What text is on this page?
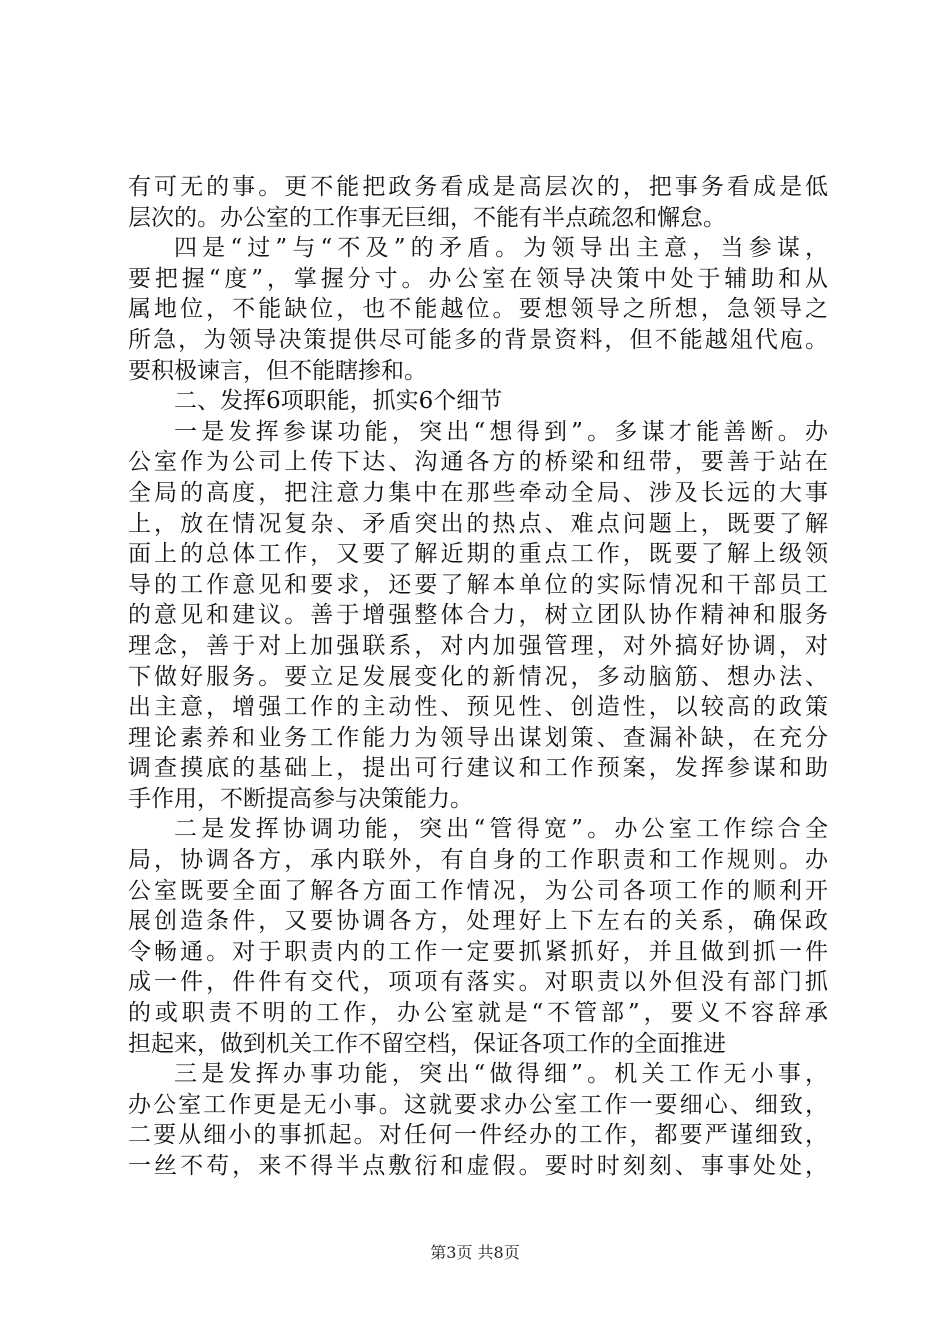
有可无的事。更不能把政务看成是高层次的，把事务看成是低
层次的。办公室的工作事无巨细，不能有半点疏忽和懈怠。
四是“过”与“不及”的矛盾。为领导出主意，当参谋，
要把握“度”，掌握分寸。办公室在领导决策中处于辅助和从
属地位，不能缺位，也不能越位。要想领导之所想，急领导之
所急，为领导决策提供尽可能多的背景资料，但不能越俎代庖。
要积极谏言，但不能瞎掺和。
二、发挥6项职能，抓实6个细节
一是发挥参谋功能，突出“想得到”。多谋才能善断。办
公室作为公司上传下达、沟通各方的桥梁和纽带，要善于站在
全局的高度，把注意力集中在那些牵动全局、涉及长远的大事
上，放在情况复杂、矛盾突出的热点、难点问题上，既要了解
面上的总体工作，又要了解近期的重点工作，既要了解上级领
导的工作意见和要求，还要了解本单位的实际情况和干部员工
的意见和建议。善于增强整体合力，树立团队协作精神和服务
理念，善于对上加强联系，对内加强管理，对外搞好协调，对
下做好服务。要立足发展变化的新情况，多动脑筋、想办法、
出主意，增强工作的主动性、预见性、创造性，以较高的政策
理论素养和业务工作能力为领导出谋划策、查漏补缺，在充分
调查摸底的基础上，提出可行建议和工作预案，发挥参谋和助
手作用，不断提高参与决策能力。
二是发挥协调功能，突出“管得宽”。办公室工作综合全
局，协调各方，承内联外，有自身的工作职责和工作规则。办
公室既要全面了解各方面工作情况，为公司各项工作的顺利开
展创造条件，又要协调各方，处理好上下左右的关系，确保政
令畅通。对于职责内的工作一定要抓紧抓好，并且做到抓一件
成一件，件件有交代，项项有落实。对职责以外但没有部门抓
的或职责不明的工作，办公室就是“不管部”，要义不容辞承
担起来，做到机关工作不留空档，保证各项工作的全面推进
三是发挥办事功能，突出“做得细”。机关工作无小事，
办公室工作更是无小事。这就要求办公室工作一要细心、细致，
二要从细小的事抓起。对任何一件经办的工作，都要严谨细致，
一丝不苟，来不得半点敷衍和虚假。要时时刻刻、事事处处，
第3页 共8页
